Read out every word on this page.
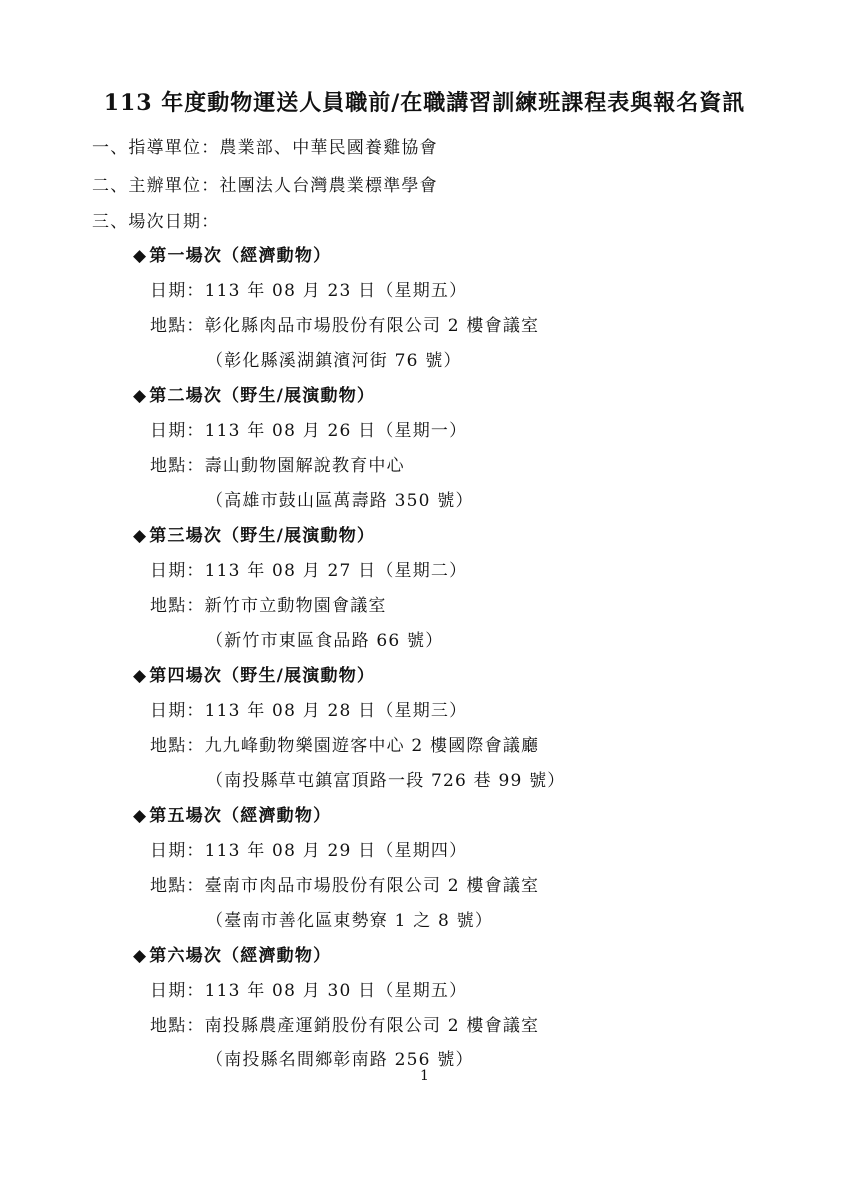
113 年度動物運送人員職前/在職講習訓練班課程表與報名資訊
一、指導單位：農業部、中華民國養雞協會
二、主辦單位：社團法人台灣農業標準學會
三、場次日期：
◆ 第一場次（經濟動物）
日期：113 年 08 月 23 日（星期五）
地點：彰化縣肉品市場股份有限公司 2 樓會議室
（彰化縣溪湖鎮濱河街 76 號）
◆ 第二場次（野生/展演動物）
日期：113 年 08 月 26 日（星期一）
地點：壽山動物園解說教育中心
（高雄市鼓山區萬壽路 350 號）
◆ 第三場次（野生/展演動物）
日期：113 年 08 月 27 日（星期二）
地點：新竹市立動物園會議室
（新竹市東區食品路 66 號）
◆ 第四場次（野生/展演動物）
日期：113 年 08 月 28 日（星期三）
地點：九九峰動物樂園遊客中心 2 樓國際會議廳
（南投縣草屯鎮富頂路一段 726 巷 99 號）
◆ 第五場次（經濟動物）
日期：113 年 08 月 29 日（星期四）
地點：臺南市肉品市場股份有限公司 2 樓會議室
（臺南市善化區東勢寮 1 之 8 號）
◆ 第六場次（經濟動物）
日期：113 年 08 月 30 日（星期五）
地點：南投縣農產運銷股份有限公司 2 樓會議室
（南投縣名間鄉彰南路 256 號）
1
